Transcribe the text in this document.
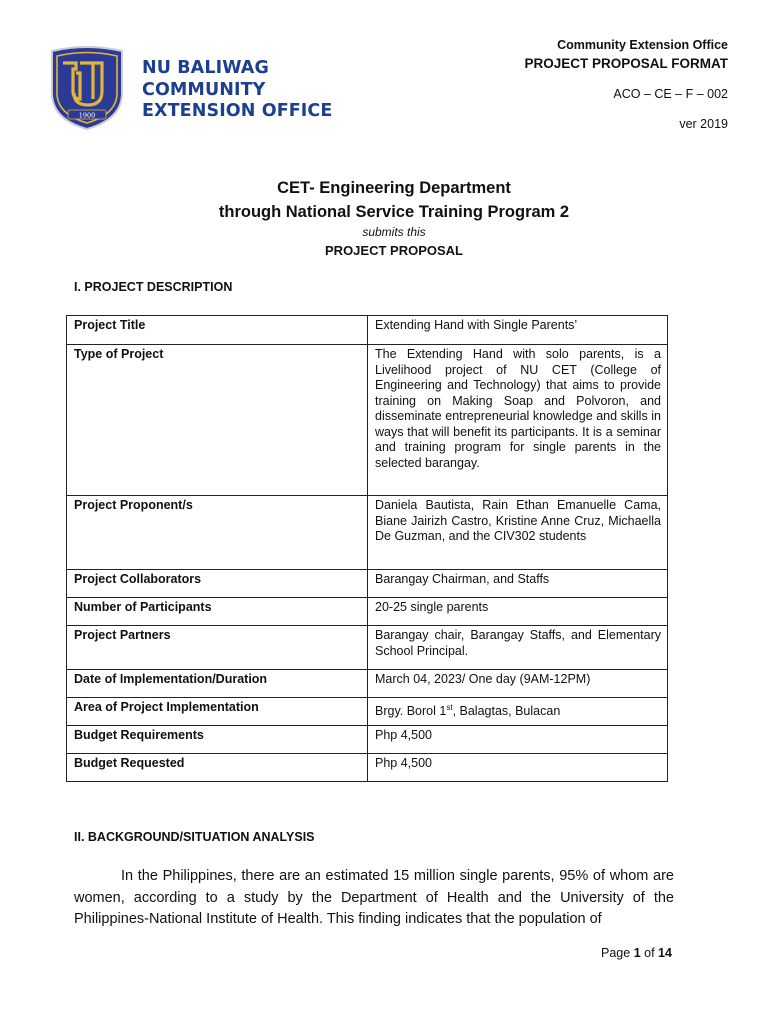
1900
NU BALIWAG
COMMUNITY
EXTENSION OFFICE
Community Extension Office
PROJECT PROPOSAL FORMAT
ACO – CE – F – 002
ver 2019
CET- Engineering Department
through National Service Training Program 2
submits this
PROJECT PROPOSAL
I. PROJECT DESCRIPTION
Project Title	Extending Hand with Single Parents’
Type of Project	The Extending Hand with solo parents, is a Livelihood project of NU CET (College of Engineering and Technology) that aims to provide training on Making Soap and Polvoron, and disseminate entrepreneurial knowledge and skills in ways that will benefit its participants. It is a seminar and training program for single parents in the selected barangay.
Project Proponent/s	Daniela Bautista, Rain Ethan Emanuelle Cama, Biane Jairizh Castro, Kristine Anne Cruz, Michaella De Guzman, and the CIV302 students
Project Collaborators	Barangay Chairman, and Staffs
Number of Participants	20-25 single parents
Project Partners	Barangay chair, Barangay Staffs, and Elementary School Principal.
Date of Implementation/Duration	March 04, 2023/ One day (9AM-12PM)
Area of Project Implementation	Brgy. Borol 1st, Balagtas, Bulacan
Budget Requirements	Php 4,500
Budget Requested	Php 4,500
II. BACKGROUND/SITUATION ANALYSIS
In the Philippines, there are an estimated 15 million single parents, 95% of whom are women, according to a study by the Department of Health and the University of the Philippines-National Institute of Health. This finding indicates that the population of
Page 1 of 14
